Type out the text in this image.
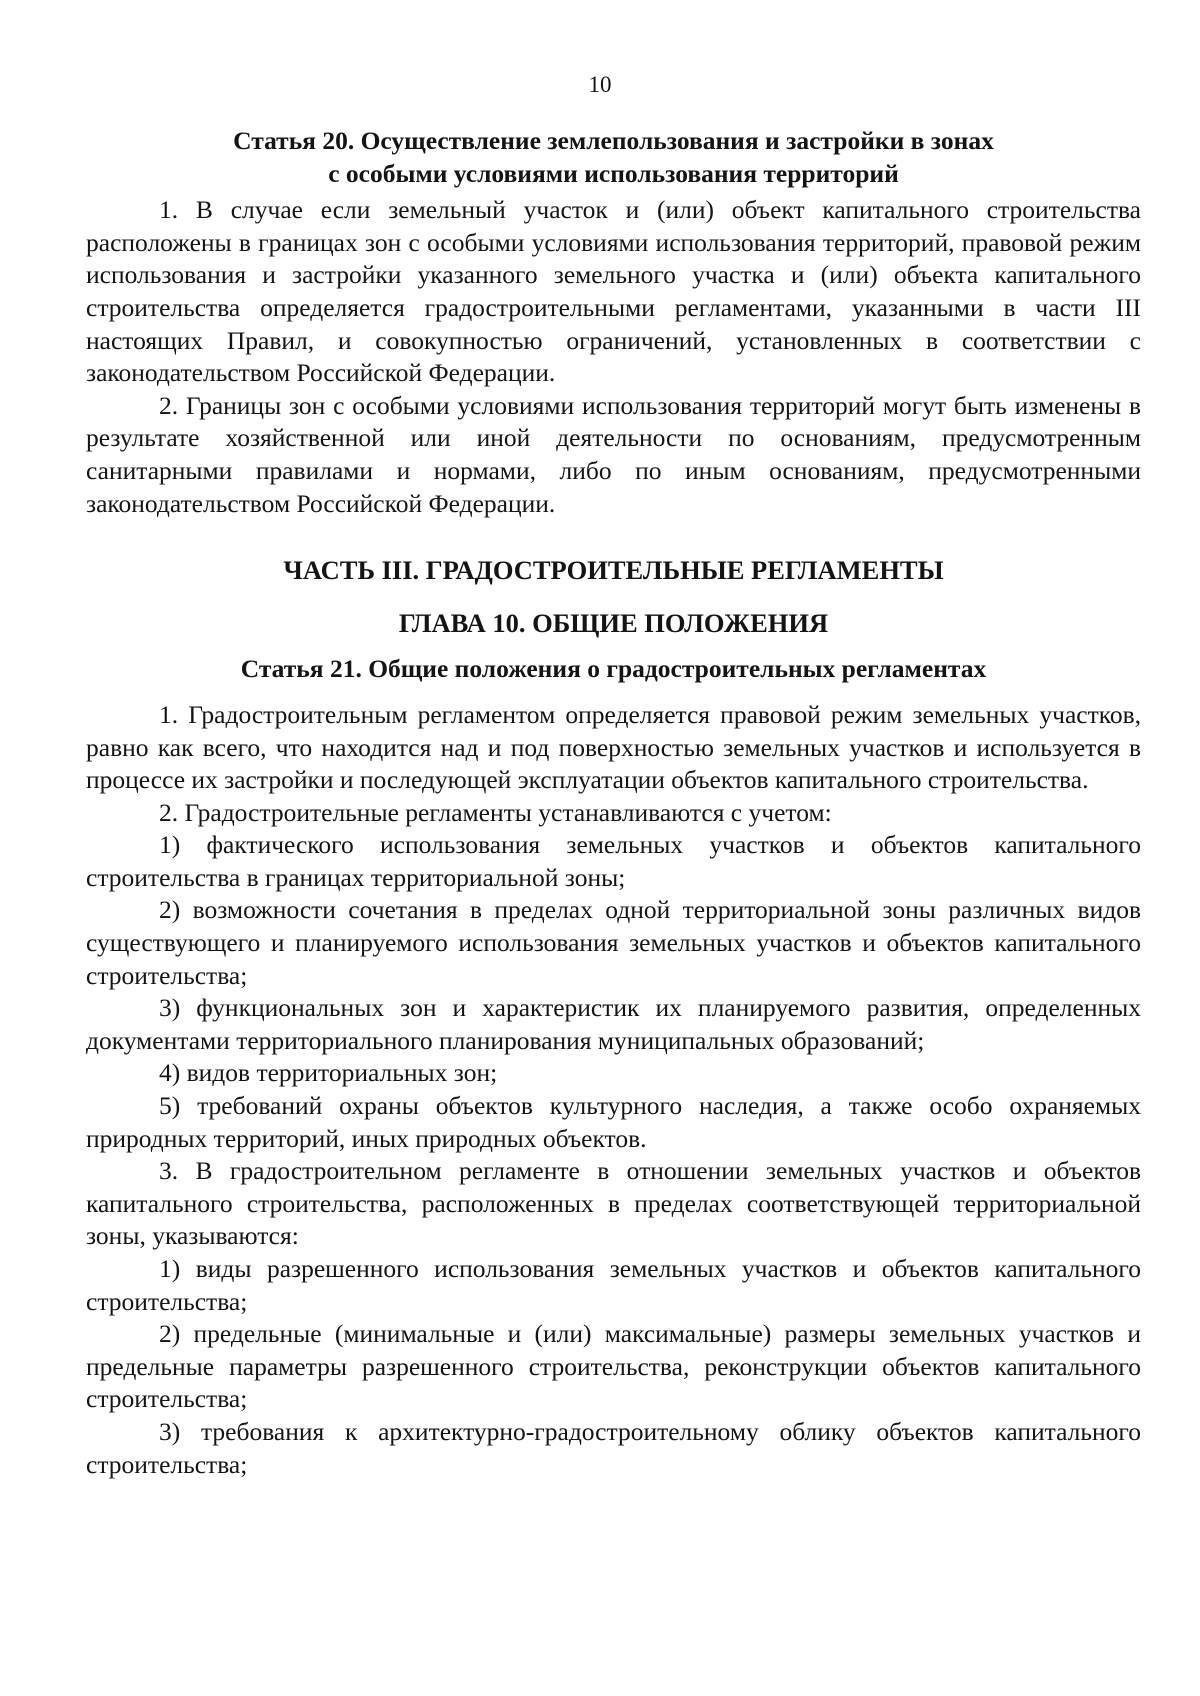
10

Статья 20. Осуществление землепользования и застройки в зонах
с особыми условиями использования территорий

1. В случае если земельный участок и (или) объект капитального строительства расположены в границах зон с особыми условиями использования территорий, правовой режим использования и застройки указанного земельного участка и (или) объекта капитального строительства определяется градостроительными регламентами, указанными в части III настоящих Правил, и совокупностью ограничений, установленных в соответствии с законодательством Российской Федерации.

2. Границы зон с особыми условиями использования территорий могут быть изменены в результате хозяйственной или иной деятельности по основаниям, предусмотренным санитарными правилами и нормами, либо по иным основаниям, предусмотренными законодательством Российской Федерации.

ЧАСТЬ III. ГРАДОСТРОИТЕЛЬНЫЕ РЕГЛАМЕНТЫ

ГЛАВА 10. ОБЩИЕ ПОЛОЖЕНИЯ

Статья 21. Общие положения о градостроительных регламентах

1. Градостроительным регламентом определяется правовой режим земельных участков, равно как всего, что находится над и под поверхностью земельных участков и используется в процессе их застройки и последующей эксплуатации объектов капитального строительства.

2. Градостроительные регламенты устанавливаются с учетом:

1) фактического использования земельных участков и объектов капитального строительства в границах территориальной зоны;

2) возможности сочетания в пределах одной территориальной зоны различных видов существующего и планируемого использования земельных участков и объектов капитального строительства;

3) функциональных зон и характеристик их планируемого развития, определенных документами территориального планирования муниципальных образований;

4) видов территориальных зон;

5) требований охраны объектов культурного наследия, а также особо охраняемых природных территорий, иных природных объектов.

3. В градостроительном регламенте в отношении земельных участков и объектов капитального строительства, расположенных в пределах соответствующей территориальной зоны, указываются:

1) виды разрешенного использования земельных участков и объектов капитального строительства;

2) предельные (минимальные и (или) максимальные) размеры земельных участков и предельные параметры разрешенного строительства, реконструкции объектов капитального строительства;

3) требования к архитектурно-градостроительному облику объектов капитального строительства;
